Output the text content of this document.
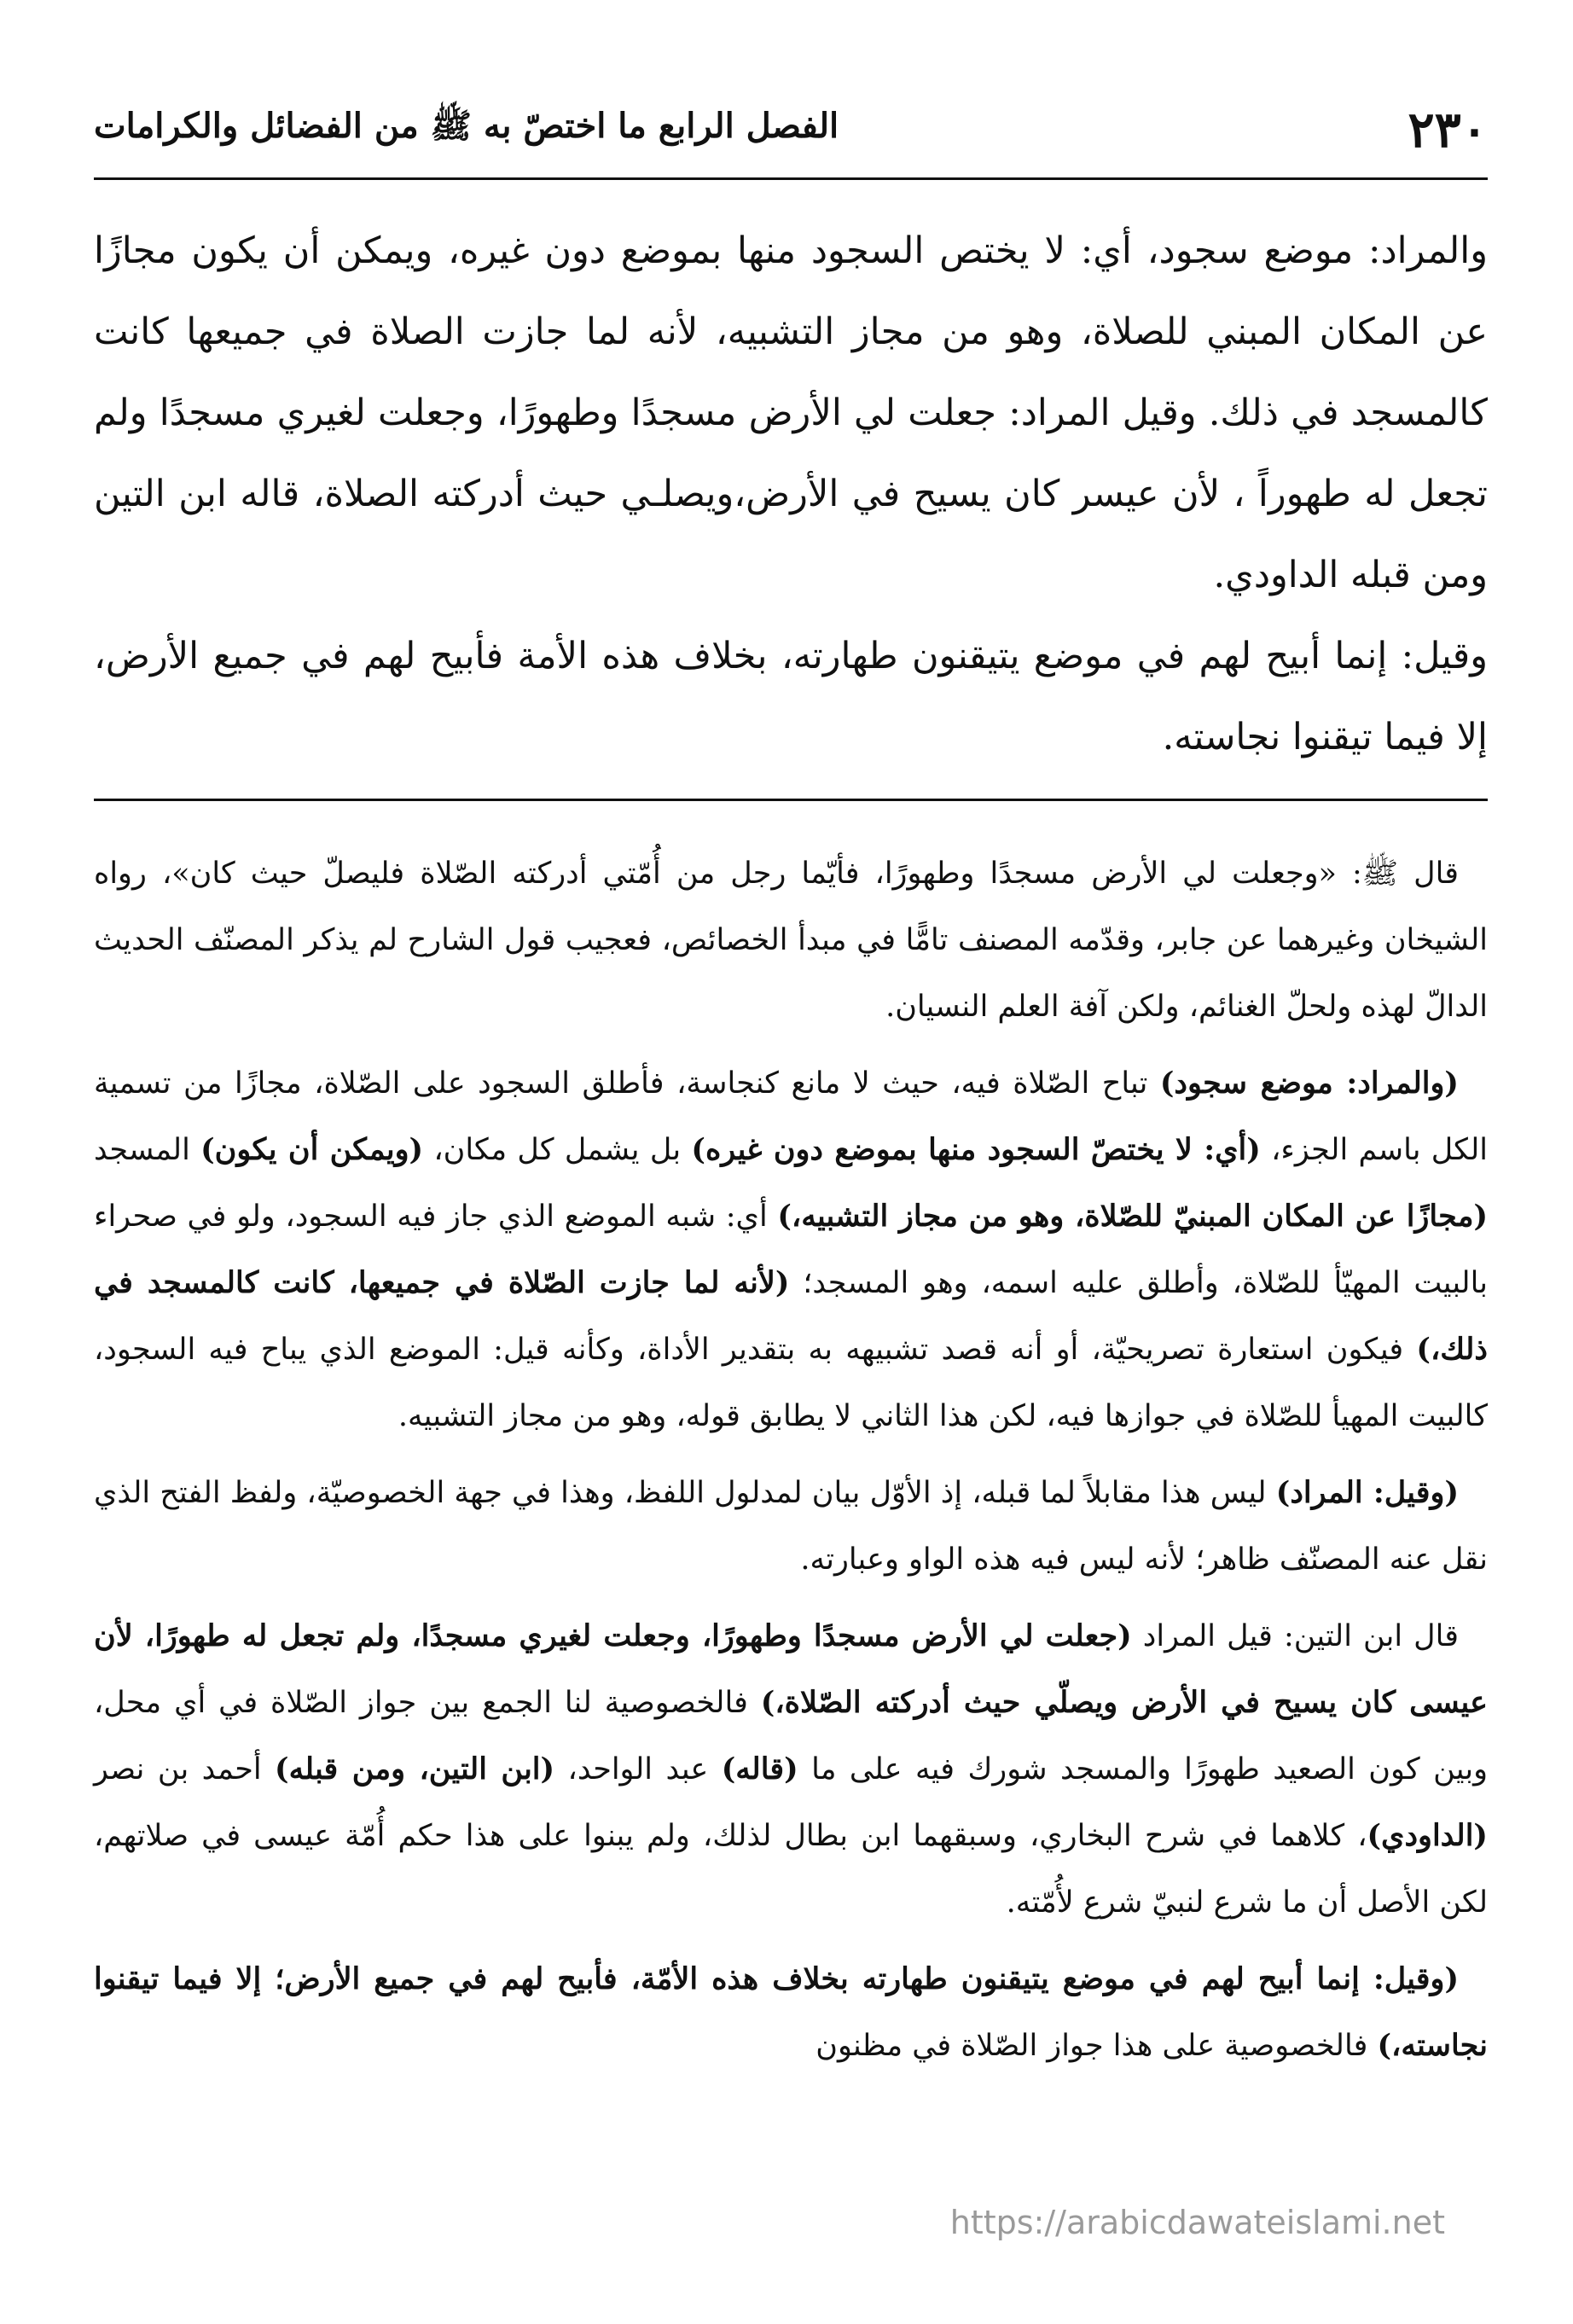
٢٣٠
الفصل الرابع ما اختصّ به ﷺ من الفضائل والكرامات

والمراد: موضع سجود، أي: لا يختص السجود منها بموضع دون غيره، ويمكن أن يكون مجازًا عن المكان المبني للصلاة، وهو من مجاز التشبيه، لأنه لما جازت الصلاة في جميعها كانت كالمسجد في ذلك. وقيل المراد: جعلت لي الأرض مسجدًا وطهورًا، وجعلت لغيري مسجدًا ولم تجعل له طهوراً ، لأن عيسر كان يسيح في الأرض،ويصلـي حيث أدركته الصلاة، قاله ابن التين ومن قبله الداودي.

وقيل: إنما أبيح لهم في موضع يتيقنون طهارته، بخلاف هذه الأمة فأبيح لهم في جميع الأرض، إلا فيما تيقنوا نجاسته.

قال ﷺ: «وجعلت لي الأرض مسجدًا وطهورًا، فأيّما رجل من أُمّتي أدركته الصّلاة فليصلّ حيث كان»، رواه الشيخان وغيرهما عن جابر، وقدّمه المصنف تامًّا في مبدأ الخصائص، فعجيب قول الشارح لم يذكر المصنّف الحديث الدالّ لهذه ولحلّ الغنائم، ولكن آفة العلم النسيان.

(والمراد: موضع سجود) تباح الصّلاة فيه، حيث لا مانع كنجاسة، فأطلق السجود على الصّلاة، مجازًا من تسمية الكل باسم الجزء، (أي: لا يختصّ السجود منها بموضع دون غيره) بل يشمل كل مكان، (ويمكن أن يكون) المسجد (مجازًا عن المكان المبنيّ للصّلاة، وهو من مجاز التشبيه،) أي: شبه الموضع الذي جاز فيه السجود، ولو في صحراء بالبيت المهيّأ للصّلاة، وأطلق عليه اسمه، وهو المسجد؛ (لأنه لما جازت الصّلاة في جميعها، كانت كالمسجد في ذلك،) فيكون استعارة تصريحيّة، أو أنه قصد تشبيهه به بتقدير الأداة، وكأنه قيل: الموضع الذي يباح فيه السجود، كالبيت المهيأ للصّلاة في جوازها فيه، لكن هذا الثاني لا يطابق قوله، وهو من مجاز التشبيه.

(وقيل: المراد) ليس هذا مقابلاً لما قبله، إذ الأوّل بيان لمدلول اللفظ، وهذا في جهة الخصوصيّة، ولفظ الفتح الذي نقل عنه المصنّف ظاهر؛ لأنه ليس فيه هذه الواو وعبارته.

قال ابن التين: قيل المراد (جعلت لي الأرض مسجدًا وطهورًا، وجعلت لغيري مسجدًا، ولم تجعل له طهورًا، لأن عيسى كان يسيح في الأرض ويصلّي حيث أدركته الصّلاة،) فالخصوصية لنا الجمع بين جواز الصّلاة في أي محل، وبين كون الصعيد طهورًا والمسجد شورك فيه على ما (قاله) عبد الواحد، (ابن التين، ومن قبله) أحمد بن نصر (الداودي)، كلاهما في شرح البخاري، وسبقهما ابن بطال لذلك، ولم يبنوا على هذا حكم أُمّة عيسى في صلاتهم، لكن الأصل أن ما شرع لنبيّ شرع لأُمّته.

(وقيل: إنما أبيح لهم في موضع يتيقنون طهارته بخلاف هذه الأمّة، فأبيح لهم في جميع الأرض؛ إلا فيما تيقنوا نجاسته،) فالخصوصية على هذا جواز الصّلاة في مظنون

https://arabicdawateislami.net
